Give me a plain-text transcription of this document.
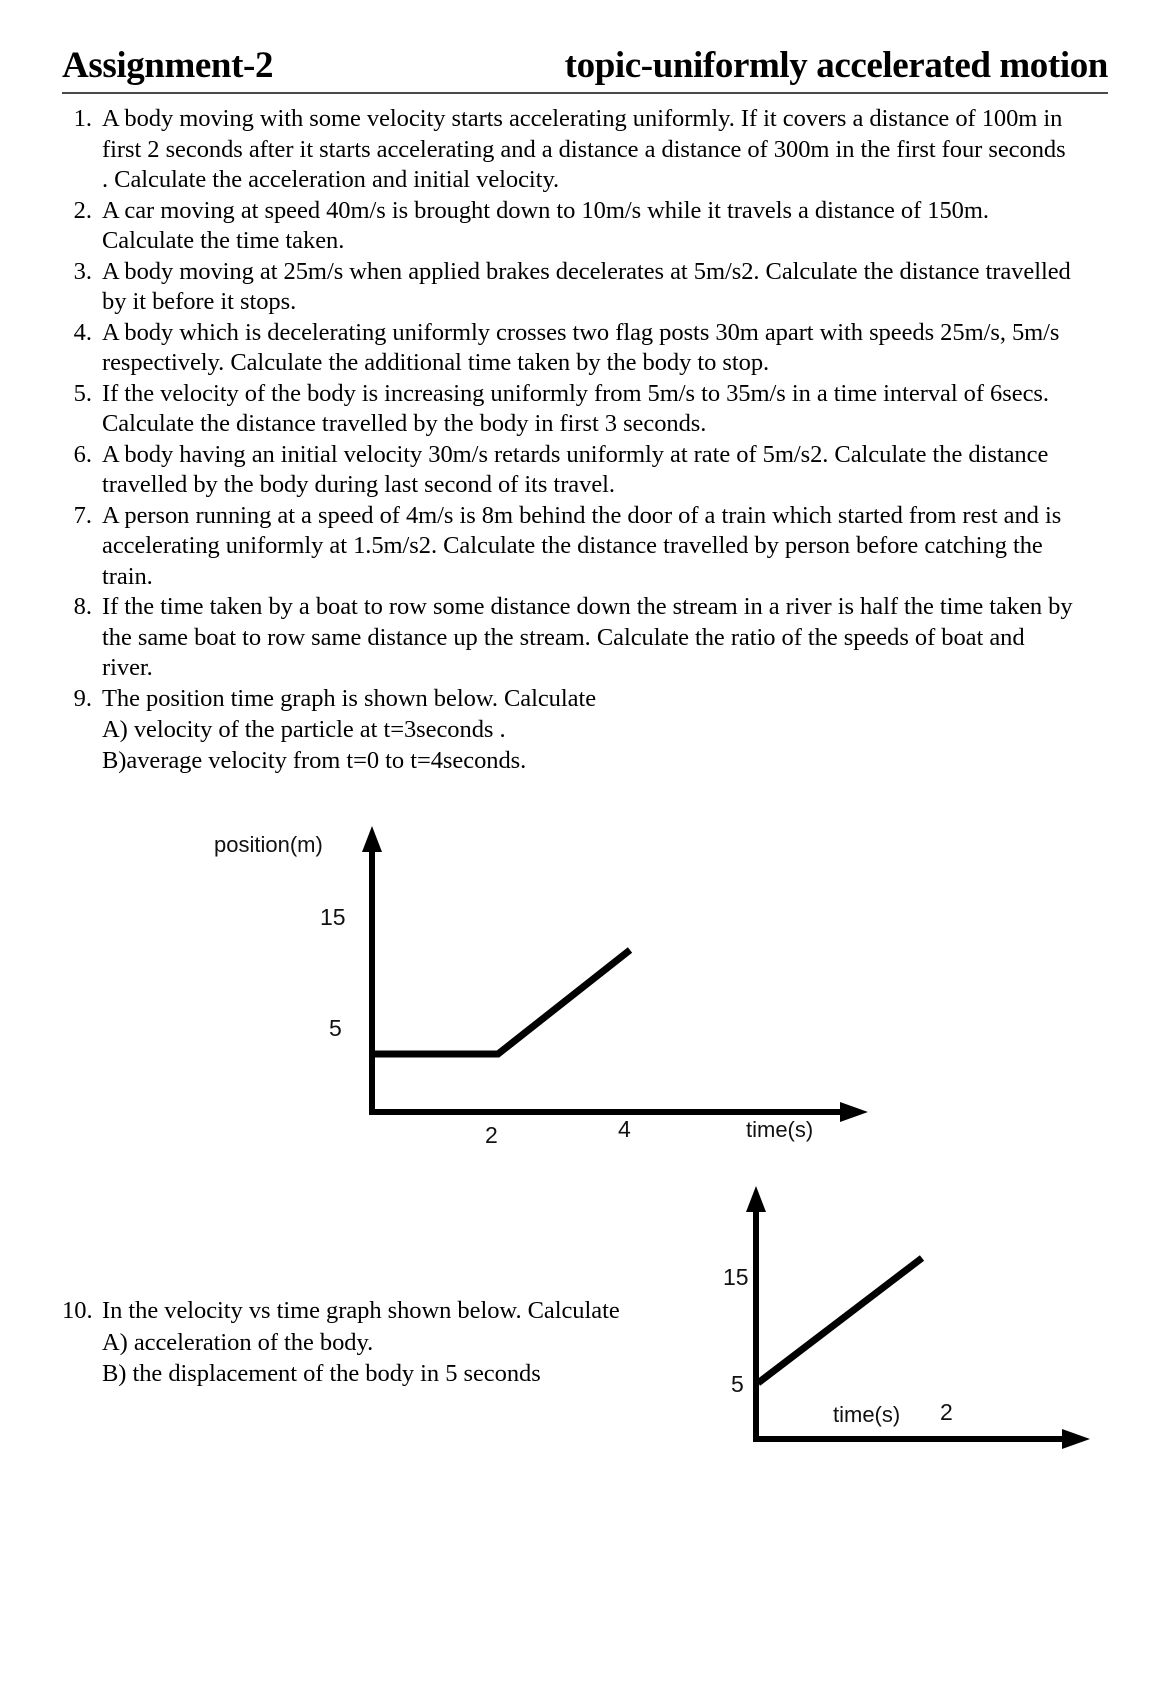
Assignment-2	topic-uniformly accelerated motion
1. A body moving with some velocity starts accelerating uniformly. If it covers a distance of 100m in first 2 seconds after it starts accelerating and a distance a distance of 300m in the first four seconds . Calculate the acceleration and initial velocity.
2. A car moving at speed 40m/s is brought down to 10m/s while it travels a distance of 150m. Calculate the time taken.
3. A body moving at 25m/s when applied brakes decelerates at 5m/s2. Calculate the distance travelled by it before it stops.
4. A body which is decelerating uniformly crosses two flag posts 30m apart with speeds 25m/s, 5m/s respectively. Calculate the additional time taken by the body to stop.
5. If the velocity of the body is increasing uniformly from 5m/s to 35m/s in a time interval of 6secs. Calculate the distance travelled by the body in first 3 seconds.
6. A body having an initial velocity 30m/s retards uniformly at rate of 5m/s2. Calculate the distance travelled by the body during last second of its travel.
7. A person running at a speed of 4m/s is 8m behind the door of a train which started from rest and is accelerating uniformly at 1.5m/s2. Calculate the distance travelled by person before catching the train.
8. If the time taken by a boat to row some distance down the stream in a river is half the time taken by the same boat to row same distance up the stream. Calculate the ratio of the speeds of boat and river.
9. The position time graph is shown below. Calculate
A) velocity of the particle at t=3seconds .
B)average velocity from t=0 to t=4seconds.
position(m)
15
5
2	4	time(s)
10. In the velocity vs time graph shown below. Calculate
A) acceleration of the body.
B) the displacement of the body in 5 seconds
15
5
time(s) 2
